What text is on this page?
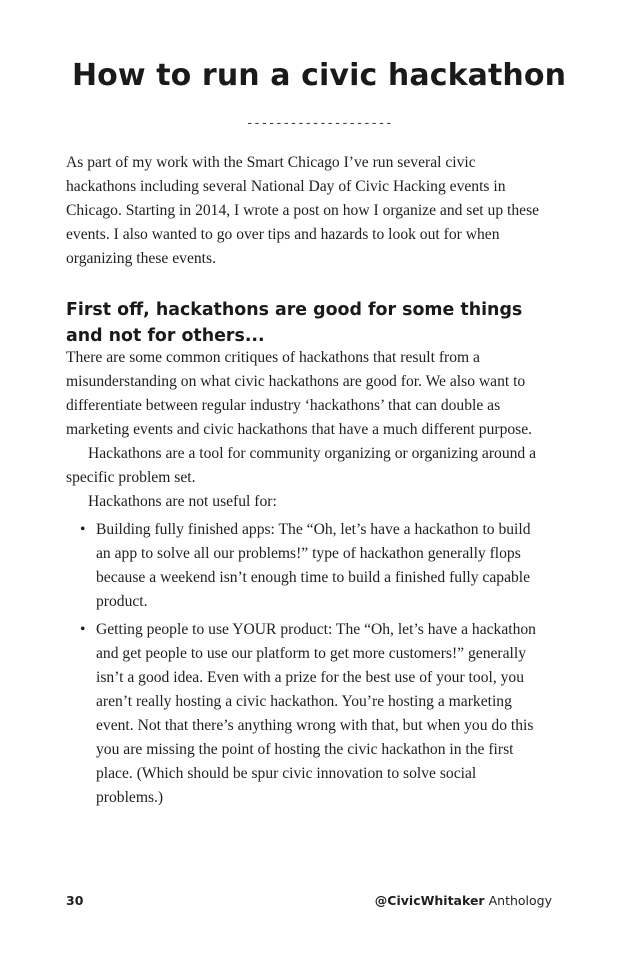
How to run a civic hackathon
--------------------

As part of my work with the Smart Chicago I’ve run several civic hackathons including several National Day of Civic Hacking events in Chicago. Starting in 2014, I wrote a post on how I organize and set up these events. I also wanted to go over tips and hazards to look out for when organizing these events.

First off, hackathons are good for some things
and not for others...

There are some common critiques of hackathons that result from a misunderstanding on what civic hackathons are good for. We also want to differentiate between regular industry ‘hackathons’ that can double as marketing events and civic hackathons that have a much different purpose.

Hackathons are a tool for community organizing or organizing around a specific problem set.

Hackathons are not useful for:

• Building fully finished apps: The “Oh, let’s have a hackathon to build an app to solve all our problems!” type of hackathon generally flops because a weekend isn’t enough time to build a finished fully capable product.
• Getting people to use YOUR product: The “Oh, let’s have a hackathon and get people to use our platform to get more customers!” generally isn’t a good idea. Even with a prize for the best use of your tool, you aren’t really hosting a civic hackathon. You’re hosting a marketing event. Not that there’s anything wrong with that, but when you do this you are missing the point of hosting the civic hackathon in the first place. (Which should be spur civic innovation to solve social problems.)
30	@CivicWhitaker Anthology
